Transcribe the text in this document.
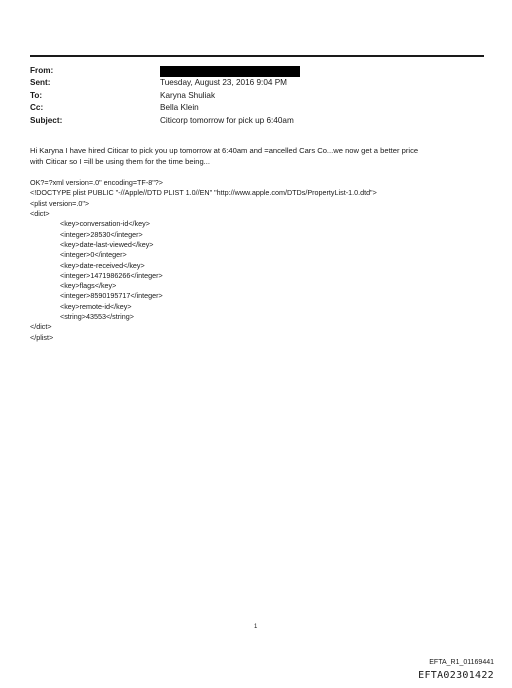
From:
Sent:	Tuesday, August 23, 2016 9:04 PM
To:	Karyna Shuliak
Cc:	Bella Klein
Subject:	Citicorp tomorrow for pick up 6:40am

Hi Karyna I have hired Citicar to pick you up tomorrow at 6:40am and =ancelled Cars Co...we now get a better price

with Citicar so I =ill be using them for the time being...

OK?=?xml version=.0" encoding=TF-8"?>

<!DOCTYPE plist PUBLIC "-//Apple//DTD PLIST 1.0//EN" "http://www.apple.com/DTDs/PropertyList-1.0.dtd">

<plist version=.0">

<dict>

<key>conversation-id</key>

<integer>28530</integer>

<key>date-last-viewed</key>

<integer>0</integer>

<key>date-received</key>

<integer>1471986266</integer>

<key>flags</key>

<integer>8590195717</integer>

<key>remote-id</key>

<string>43553</string>

</dict>

</plist>

1
EFTA_R1_01169441
EFTA02301422
